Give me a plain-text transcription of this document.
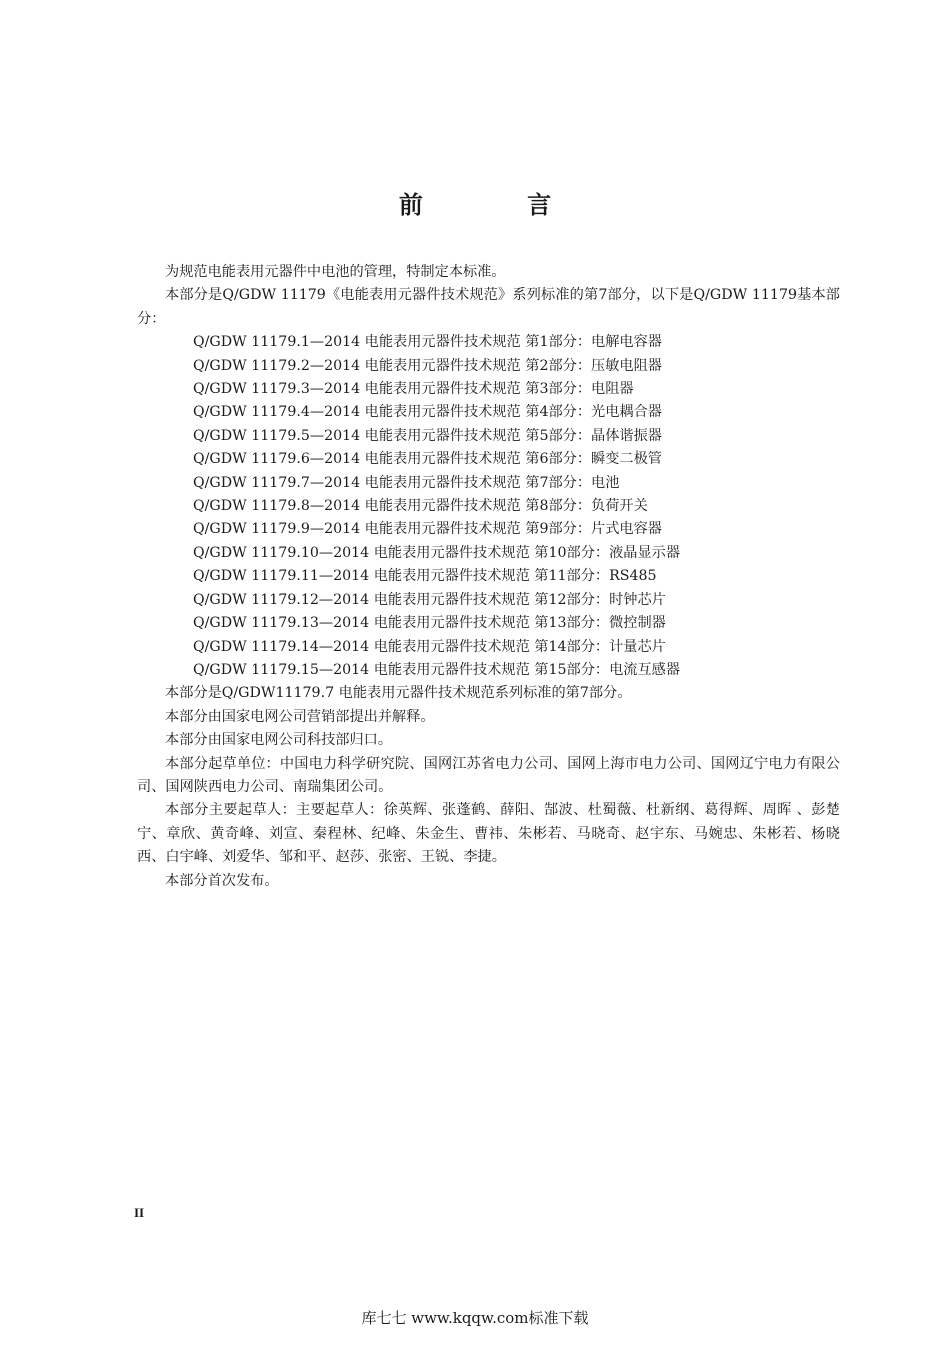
前 言

为规范电能表用元器件中电池的管理，特制定本标准。

本部分是Q/GDW 11179《电能表用元器件技术规范》系列标准的第7部分，以下是Q/GDW 11179基本部分：

Q/GDW 11179.1—2014 电能表用元器件技术规范 第1部分：电解电容器

Q/GDW 11179.2—2014 电能表用元器件技术规范 第2部分：压敏电阻器

Q/GDW 11179.3—2014 电能表用元器件技术规范 第3部分：电阻器

Q/GDW 11179.4—2014 电能表用元器件技术规范 第4部分：光电耦合器

Q/GDW 11179.5—2014 电能表用元器件技术规范 第5部分：晶体谐振器

Q/GDW 11179.6—2014 电能表用元器件技术规范 第6部分：瞬变二极管

Q/GDW 11179.7—2014 电能表用元器件技术规范 第7部分：电池

Q/GDW 11179.8—2014 电能表用元器件技术规范 第8部分：负荷开关

Q/GDW 11179.9—2014 电能表用元器件技术规范 第9部分：片式电容器

Q/GDW 11179.10—2014 电能表用元器件技术规范 第10部分：液晶显示器

Q/GDW 11179.11—2014 电能表用元器件技术规范 第11部分：RS485

Q/GDW 11179.12—2014 电能表用元器件技术规范 第12部分：时钟芯片

Q/GDW 11179.13—2014 电能表用元器件技术规范 第13部分：微控制器

Q/GDW 11179.14—2014 电能表用元器件技术规范 第14部分：计量芯片

Q/GDW 11179.15—2014 电能表用元器件技术规范 第15部分：电流互感器

本部分是Q/GDW11179.7 电能表用元器件技术规范系列标准的第7部分。

本部分由国家电网公司营销部提出并解释。

本部分由国家电网公司科技部归口。

本部分起草单位：中国电力科学研究院、国网江苏省电力公司、国网上海市电力公司、国网辽宁电力有限公司、国网陕西电力公司、南瑞集团公司。

本部分主要起草人：主要起草人：徐英辉、张蓬鹤、薛阳、郜波、杜蜀薇、杜新纲、葛得辉、周晖 、彭楚宁、章欣、黄奇峰、刘宣、秦程林、纪峰、朱金生、曹祎、朱彬若、马晓奇、赵宇东、马婉忠、朱彬若、杨晓西、白宇峰、刘爱华、邹和平、赵莎、张密、王锐、李捷。

本部分首次发布。

II
库七七 www.kqqw.com标准下载
